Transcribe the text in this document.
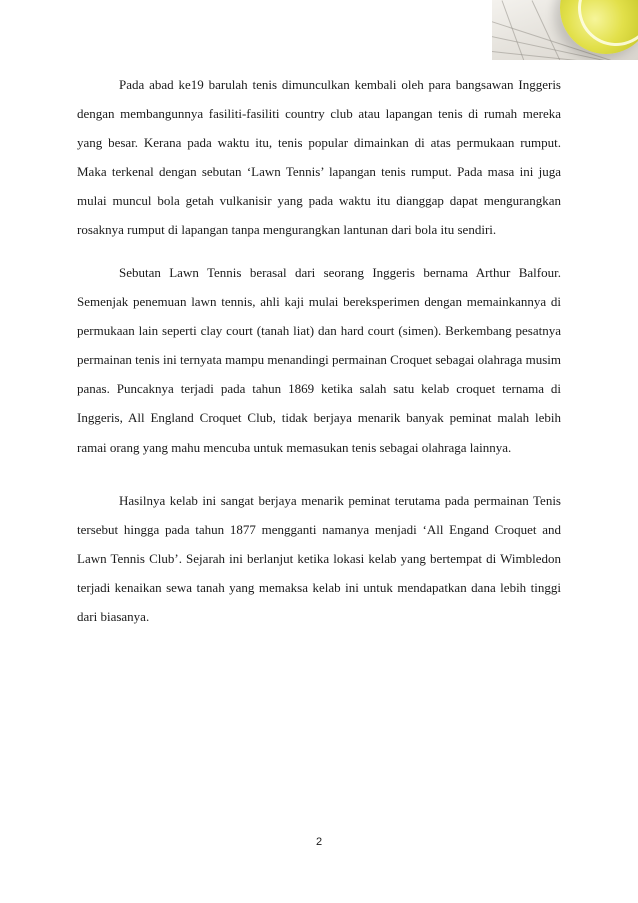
Pada abad ke19 barulah tenis dimunculkan kembali oleh para bangsawan Inggeris dengan membangunnya fasiliti-fasiliti country club atau lapangan tenis di rumah mereka yang besar. Kerana pada waktu itu, tenis popular dimainkan di atas permukaan rumput. Maka terkenal dengan sebutan ‘Lawn Tennis’ lapangan tenis rumput. Pada masa ini juga mulai muncul bola getah vulkanisir yang pada waktu itu dianggap dapat mengurangkan rosaknya rumput di lapangan tanpa mengurangkan lantunan dari bola itu sendiri.

Sebutan Lawn Tennis berasal dari seorang Inggeris bernama Arthur Balfour. Semenjak penemuan lawn tennis, ahli kaji mulai bereksperimen dengan memainkannya di permukaan lain seperti clay court (tanah liat) dan hard court (simen). Berkembang pesatnya permainan tenis ini ternyata mampu menandingi permainan Croquet sebagai olahraga musim panas. Puncaknya terjadi pada tahun 1869 ketika salah satu kelab croquet ternama di Inggeris, All England Croquet Club, tidak berjaya menarik banyak peminat malah lebih ramai orang yang mahu mencuba untuk memasukan tenis sebagai olahraga lainnya.

Hasilnya kelab ini sangat berjaya menarik peminat terutama pada permainan Tenis tersebut hingga pada tahun 1877 mengganti namanya menjadi ‘All Engand Croquet and Lawn Tennis Club’. Sejarah ini berlanjut ketika lokasi kelab yang bertempat di Wimbledon terjadi kenaikan sewa tanah yang memaksa kelab ini untuk mendapatkan dana lebih tinggi dari biasanya.

2
